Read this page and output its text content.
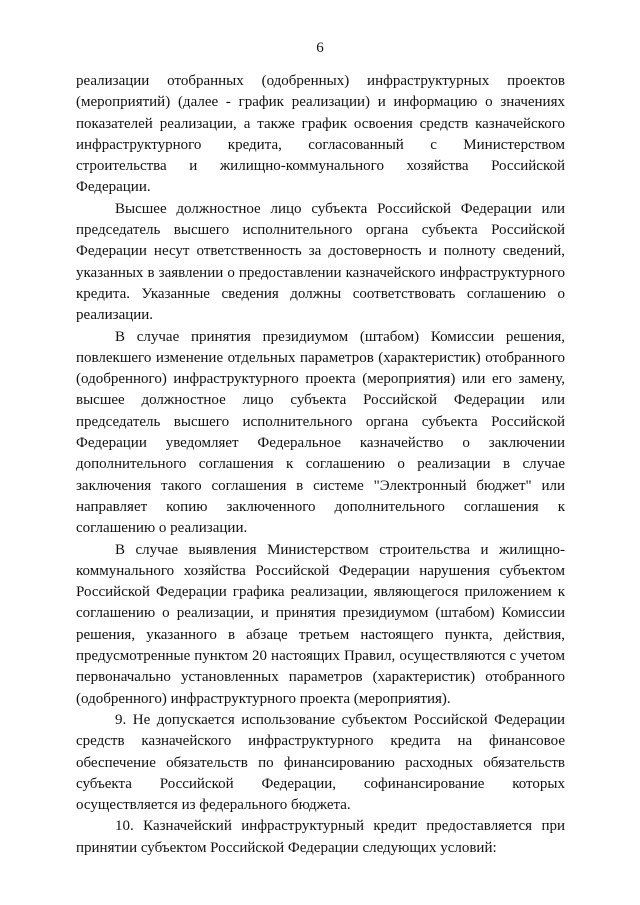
6

реализации отобранных (одобренных) инфраструктурных проектов (мероприятий) (далее - график реализации) и информацию о значениях показателей реализации, а также график освоения средств казначейского инфраструктурного кредита, согласованный с Министерством строительства и жилищно-коммунального хозяйства Российской Федерации.

Высшее должностное лицо субъекта Российской Федерации или председатель высшего исполнительного органа субъекта Российской Федерации несут ответственность за достоверность и полноту сведений, указанных в заявлении о предоставлении казначейского инфраструктурного кредита. Указанные сведения должны соответствовать соглашению о реализации.

В случае принятия президиумом (штабом) Комиссии решения, повлекшего изменение отдельных параметров (характеристик) отобранного (одобренного) инфраструктурного проекта (мероприятия) или его замену, высшее должностное лицо субъекта Российской Федерации или председатель высшего исполнительного органа субъекта Российской Федерации уведомляет Федеральное казначейство о заключении дополнительного соглашения к соглашению о реализации в случае заключения такого соглашения в системе "Электронный бюджет" или направляет копию заключенного дополнительного соглашения к соглашению о реализации.

В случае выявления Министерством строительства и жилищно-коммунального хозяйства Российской Федерации нарушения субъектом Российской Федерации графика реализации, являющегося приложением к соглашению о реализации, и принятия президиумом (штабом) Комиссии решения, указанного в абзаце третьем настоящего пункта, действия, предусмотренные пунктом 20 настоящих Правил, осуществляются с учетом первоначально установленных параметров (характеристик) отобранного (одобренного) инфраструктурного проекта (мероприятия).

9. Не допускается использование субъектом Российской Федерации средств казначейского инфраструктурного кредита на финансовое обеспечение обязательств по финансированию расходных обязательств субъекта Российской Федерации, софинансирование которых осуществляется из федерального бюджета.

10. Казначейский инфраструктурный кредит предоставляется при принятии субъектом Российской Федерации следующих условий:
